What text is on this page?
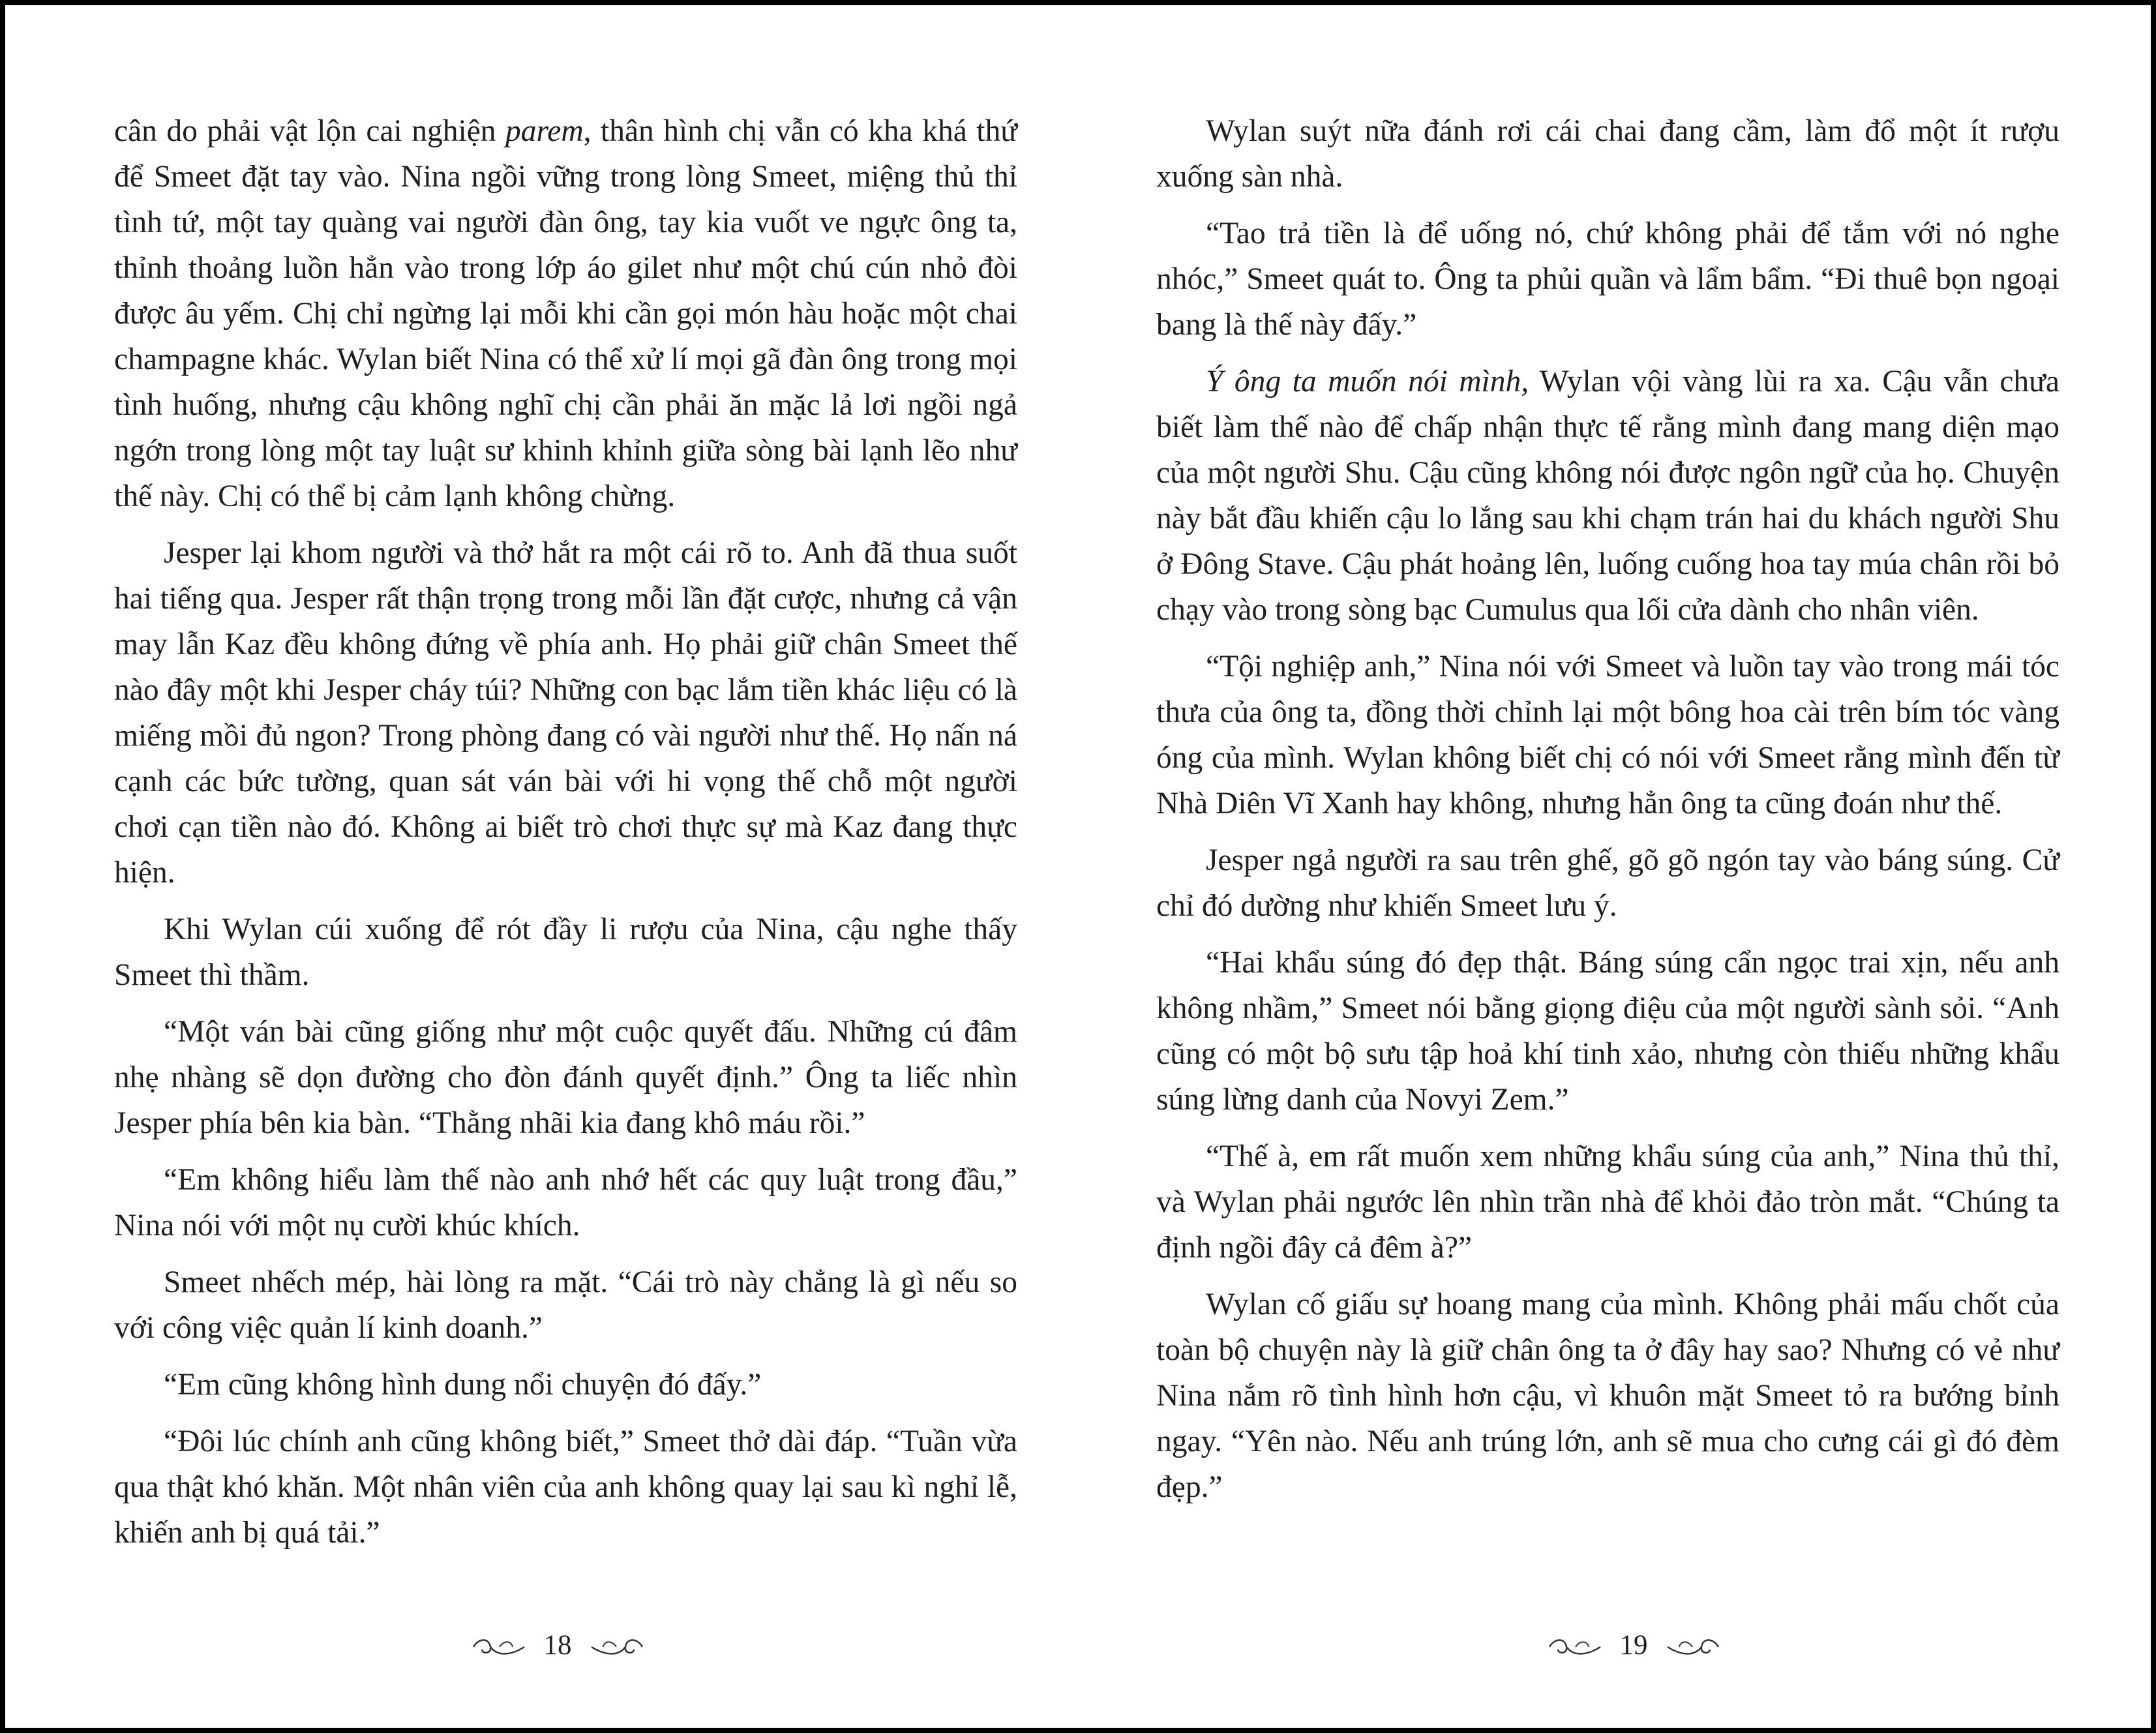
cân do phải vật lộn cai nghiện parem, thân hình chị vẫn có kha khá thứ để Smeet đặt tay vào. Nina ngồi vững trong lòng Smeet, miệng thủ thỉ tình tứ, một tay quàng vai người đàn ông, tay kia vuốt ve ngực ông ta, thỉnh thoảng luồn hẳn vào trong lớp áo gilet như một chú cún nhỏ đòi được âu yếm. Chị chỉ ngừng lại mỗi khi cần gọi món hàu hoặc một chai champagne khác. Wylan biết Nina có thể xử lí mọi gã đàn ông trong mọi tình huống, nhưng cậu không nghĩ chị cần phải ăn mặc lả lơi ngồi ngả ngớn trong lòng một tay luật sư khinh khỉnh giữa sòng bài lạnh lẽo như thế này. Chị có thể bị cảm lạnh không chừng.

Jesper lại khom người và thở hắt ra một cái rõ to. Anh đã thua suốt hai tiếng qua. Jesper rất thận trọng trong mỗi lần đặt cược, nhưng cả vận may lẫn Kaz đều không đứng về phía anh. Họ phải giữ chân Smeet thế nào đây một khi Jesper cháy túi? Những con bạc lắm tiền khác liệu có là miếng mồi đủ ngon? Trong phòng đang có vài người như thế. Họ nấn ná cạnh các bức tường, quan sát ván bài với hi vọng thế chỗ một người chơi cạn tiền nào đó. Không ai biết trò chơi thực sự mà Kaz đang thực hiện.

Khi Wylan cúi xuống để rót đầy li rượu của Nina, cậu nghe thấy Smeet thì thầm.

“Một ván bài cũng giống như một cuộc quyết đấu. Những cú đâm nhẹ nhàng sẽ dọn đường cho đòn đánh quyết định.” Ông ta liếc nhìn Jesper phía bên kia bàn. “Thằng nhãi kia đang khô máu rồi.”

“Em không hiểu làm thế nào anh nhớ hết các quy luật trong đầu,” Nina nói với một nụ cười khúc khích.

Smeet nhếch mép, hài lòng ra mặt. “Cái trò này chẳng là gì nếu so với công việc quản lí kinh doanh.”

“Em cũng không hình dung nổi chuyện đó đấy.”

“Đôi lúc chính anh cũng không biết,” Smeet thở dài đáp. “Tuần vừa qua thật khó khăn. Một nhân viên của anh không quay lại sau kì nghỉ lễ, khiến anh bị quá tải.”

18

Wylan suýt nữa đánh rơi cái chai đang cầm, làm đổ một ít rượu xuống sàn nhà.

“Tao trả tiền là để uống nó, chứ không phải để tắm với nó nghe nhóc,” Smeet quát to. Ông ta phủi quần và lẩm bẩm. “Đi thuê bọn ngoại bang là thế này đấy.”

Ý ông ta muốn nói mình, Wylan vội vàng lùi ra xa. Cậu vẫn chưa biết làm thế nào để chấp nhận thực tế rằng mình đang mang diện mạo của một người Shu. Cậu cũng không nói được ngôn ngữ của họ. Chuyện này bắt đầu khiến cậu lo lắng sau khi chạm trán hai du khách người Shu ở Đông Stave. Cậu phát hoảng lên, luống cuống hoa tay múa chân rồi bỏ chạy vào trong sòng bạc Cumulus qua lối cửa dành cho nhân viên.

“Tội nghiệp anh,” Nina nói với Smeet và luồn tay vào trong mái tóc thưa của ông ta, đồng thời chỉnh lại một bông hoa cài trên bím tóc vàng óng của mình. Wylan không biết chị có nói với Smeet rằng mình đến từ Nhà Diên Vĩ Xanh hay không, nhưng hẳn ông ta cũng đoán như thế.

Jesper ngả người ra sau trên ghế, gõ gõ ngón tay vào báng súng. Cử chỉ đó dường như khiến Smeet lưu ý.

“Hai khẩu súng đó đẹp thật. Báng súng cẩn ngọc trai xịn, nếu anh không nhầm,” Smeet nói bằng giọng điệu của một người sành sỏi. “Anh cũng có một bộ sưu tập hoả khí tinh xảo, nhưng còn thiếu những khẩu súng lừng danh của Novyi Zem.”

“Thế à, em rất muốn xem những khẩu súng của anh,” Nina thủ thỉ, và Wylan phải ngước lên nhìn trần nhà để khỏi đảo tròn mắt. “Chúng ta định ngồi đây cả đêm à?”

Wylan cố giấu sự hoang mang của mình. Không phải mấu chốt của toàn bộ chuyện này là giữ chân ông ta ở đây hay sao? Nhưng có vẻ như Nina nắm rõ tình hình hơn cậu, vì khuôn mặt Smeet tỏ ra bướng bỉnh ngay. “Yên nào. Nếu anh trúng lớn, anh sẽ mua cho cưng cái gì đó đèm đẹp.”

19
